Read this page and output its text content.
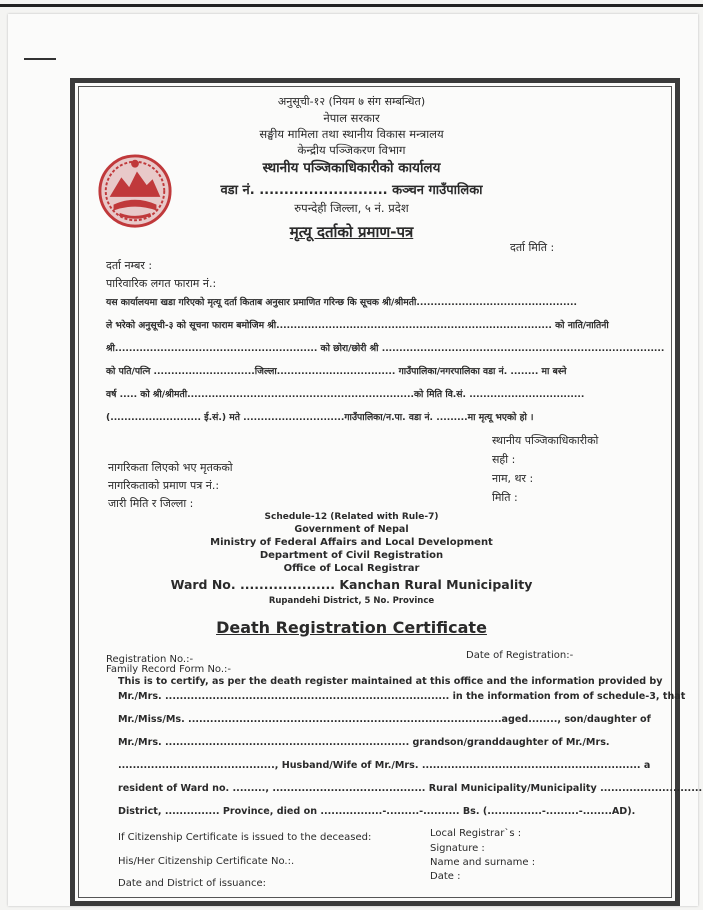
अनुसूची-१२ (नियम ७ संग सम्बन्धित)
नेपाल सरकार
सङ्घीय मामिला तथा स्थानीय विकास मन्त्रालय
केन्द्रीय पञ्जिकरण विभाग
स्थानीय पञ्जिकाधिकारीको कार्यालय
वडा नं. .......................... कञ्चन गाउँपालिका
रुपन्देही जिल्ला, ५ नं. प्रदेश
मृत्यू दर्ताको प्रमाण-पत्र
दर्ता मिति :
दर्ता नम्बर :
पारिवारिक लगत फाराम नं.:
यस कार्यालयमा खडा गरिएको मृत्यू दर्ता किताब अनुसार प्रमाणित गरिन्छ कि सूचक श्री/श्रीमती..............................................
ले भरेको अनुसूची-३ को सूचना फाराम बमोजिम श्री............................................................................... को नाति/नातिनी
श्री.......................................................... को छोरा/छोरी श्री .................................................................................
को पति/पत्नि .............................जिल्ला.................................. गाउँपालिका/नगरपालिका वडा नं. ........ मा बस्ने
वर्ष ..... को श्री/श्रीमती.................................................................को मिति वि.सं. .................................
(.......................... ई.सं.) मते .............................गाउँपालिका/न.पा. वडा नं. .........मा मृत्यू भएको हो ।
स्थानीय पञ्जिकाधिकारीको
सही :
नाम, थर :
मिति :
नागरिकता लिएको भए मृतकको
नागरिकताको प्रमाण पत्र नं.:
जारी मिति र जिल्ला :
Schedule-12 (Related with Rule-7)
Government of Nepal
Ministry of Federal Affairs and Local Development
Department of Civil Registration
Office of Local Registrar
Ward No. .................... Kanchan Rural Municipality
Rupandehi District, 5 No. Province
Death Registration Certificate
Registration No.:-	Date of Registration:-
Family Record Form No.:-
This is to certify, as per the death register maintained at this office and the information provided by
Mr./Mrs. .............................................................................. in the information from of schedule-3, that
Mr./Miss/Ms. ......................................................................................aged........, son/daughter of
Mr./Mrs. ................................................................... grandson/granddaughter of Mr./Mrs.
..........................................., Husband/Wife of Mr./Mrs. ............................................................ a
resident of Ward no. ........., .......................................... Rural Municipality/Municipality ............................
District, ............... Province, died on .................-.........-.......... Bs. (...............-.........-........AD).
If Citizenship Certificate is issued to the deceased:
His/Her Citizenship Certificate No.:.
Date and District of issuance:
Local Registrar`s :
Signature :
Name and surname :
Date :
